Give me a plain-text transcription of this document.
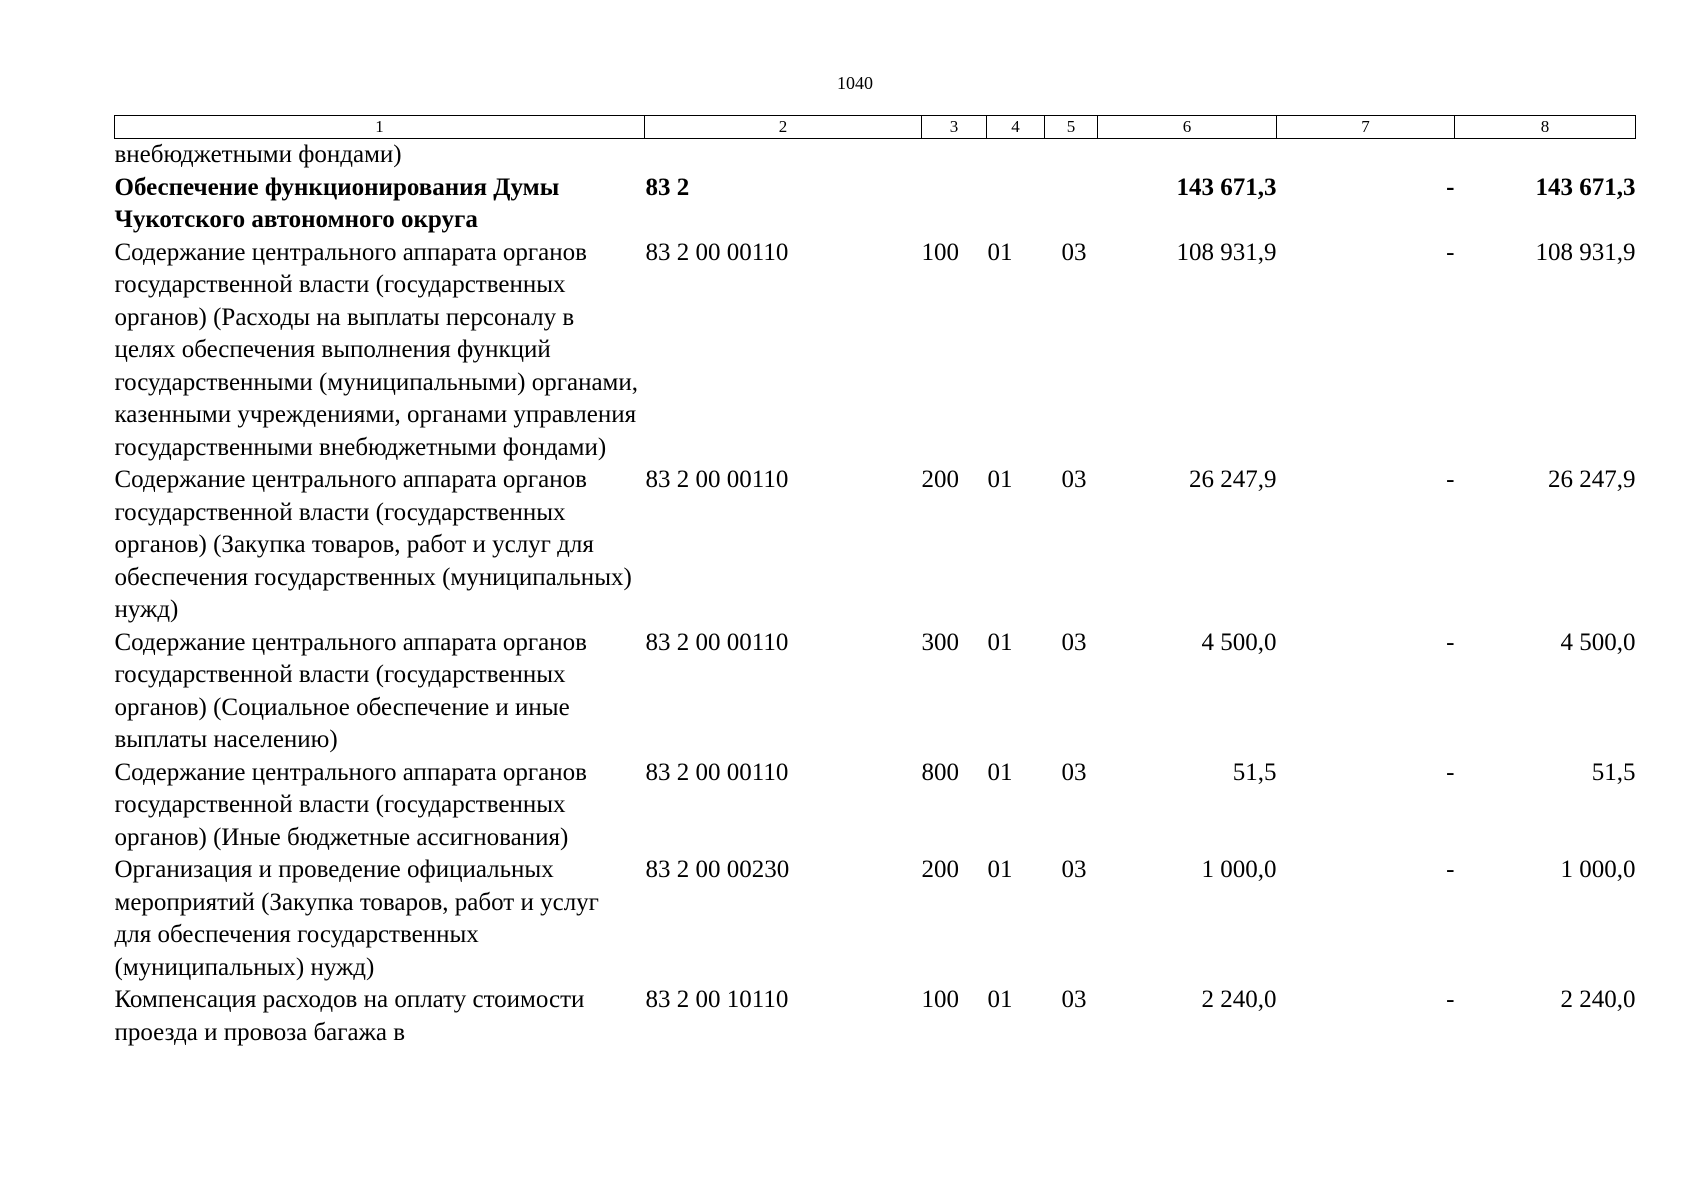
1040
1	2	3	4	5	6	7	8
внебюджетными фондами)							
Обеспечение функционирования Думы Чукотского автономного округа	83 2				143 671,3	-	143 671,3
Содержание центрального аппарата органов государственной власти (государственных органов) (Расходы на выплаты персоналу в целях обеспечения выполнения функций государственными (муниципальными) органами, казенными учреждениями, органами управления государственными внебюджетными фондами)	83 2 00 00110	100	01	03	108 931,9	-	108 931,9
Содержание центрального аппарата органов государственной власти (государственных органов) (Закупка товаров, работ и услуг для обеспечения государственных (муниципальных) нужд)	83 2 00 00110	200	01	03	26 247,9	-	26 247,9
Содержание центрального аппарата органов государственной власти (государственных органов) (Социальное обеспечение и иные выплаты населению)	83 2 00 00110	300	01	03	4 500,0	-	4 500,0
Содержание центрального аппарата органов государственной власти (государственных органов) (Иные бюджетные ассигнования)	83 2 00 00110	800	01	03	51,5	-	51,5
Организация и проведение официальных мероприятий (Закупка товаров, работ и услуг для обеспечения государственных (муниципальных) нужд)	83 2 00 00230	200	01	03	1 000,0	-	1 000,0
Компенсация расходов на оплату стоимости проезда и провоза багажа в	83 2 00 10110	100	01	03	2 240,0	-	2 240,0
